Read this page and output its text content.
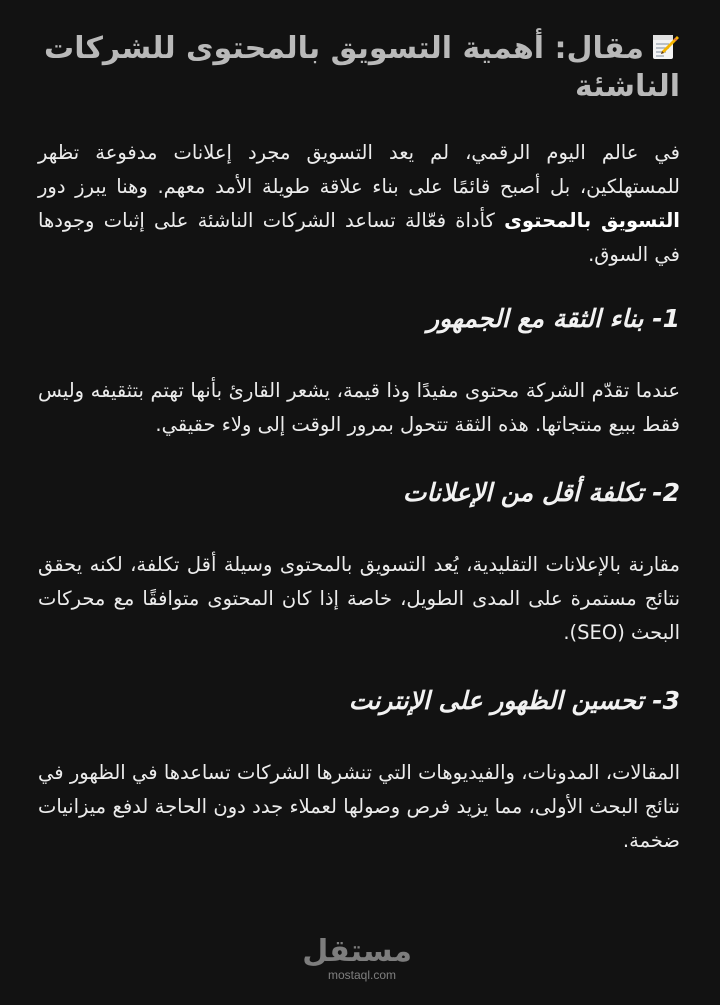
مقال: أهمية التسويق بالمحتوى للشركات الناشئة

في عالم اليوم الرقمي، لم يعد التسويق مجرد إعلانات مدفوعة تظهر للمستهلكين، بل أصبح قائمًا على بناء علاقة طويلة الأمد معهم. وهنا يبرز دور التسويق بالمحتوى كأداة فعّالة تساعد الشركات الناشئة على إثبات وجودها في السوق.

1- بناء الثقة مع الجمهور

عندما تقدّم الشركة محتوى مفيدًا وذا قيمة، يشعر القارئ بأنها تهتم بتثقيفه وليس فقط ببيع منتجاتها. هذه الثقة تتحول بمرور الوقت إلى ولاء حقيقي.

2- تكلفة أقل من الإعلانات

مقارنة بالإعلانات التقليدية، يُعد التسويق بالمحتوى وسيلة أقل تكلفة، لكنه يحقق نتائج مستمرة على المدى الطويل، خاصة إذا كان المحتوى متوافقًا مع محركات البحث (SEO).

3- تحسين الظهور على الإنترنت

المقالات، المدونات، والفيديوهات التي تنشرها الشركات تساعدها في الظهور في نتائج البحث الأولى، مما يزيد فرص وصولها لعملاء جدد دون الحاجة لدفع ميزانيات ضخمة.

مستقل
mostaql.com
